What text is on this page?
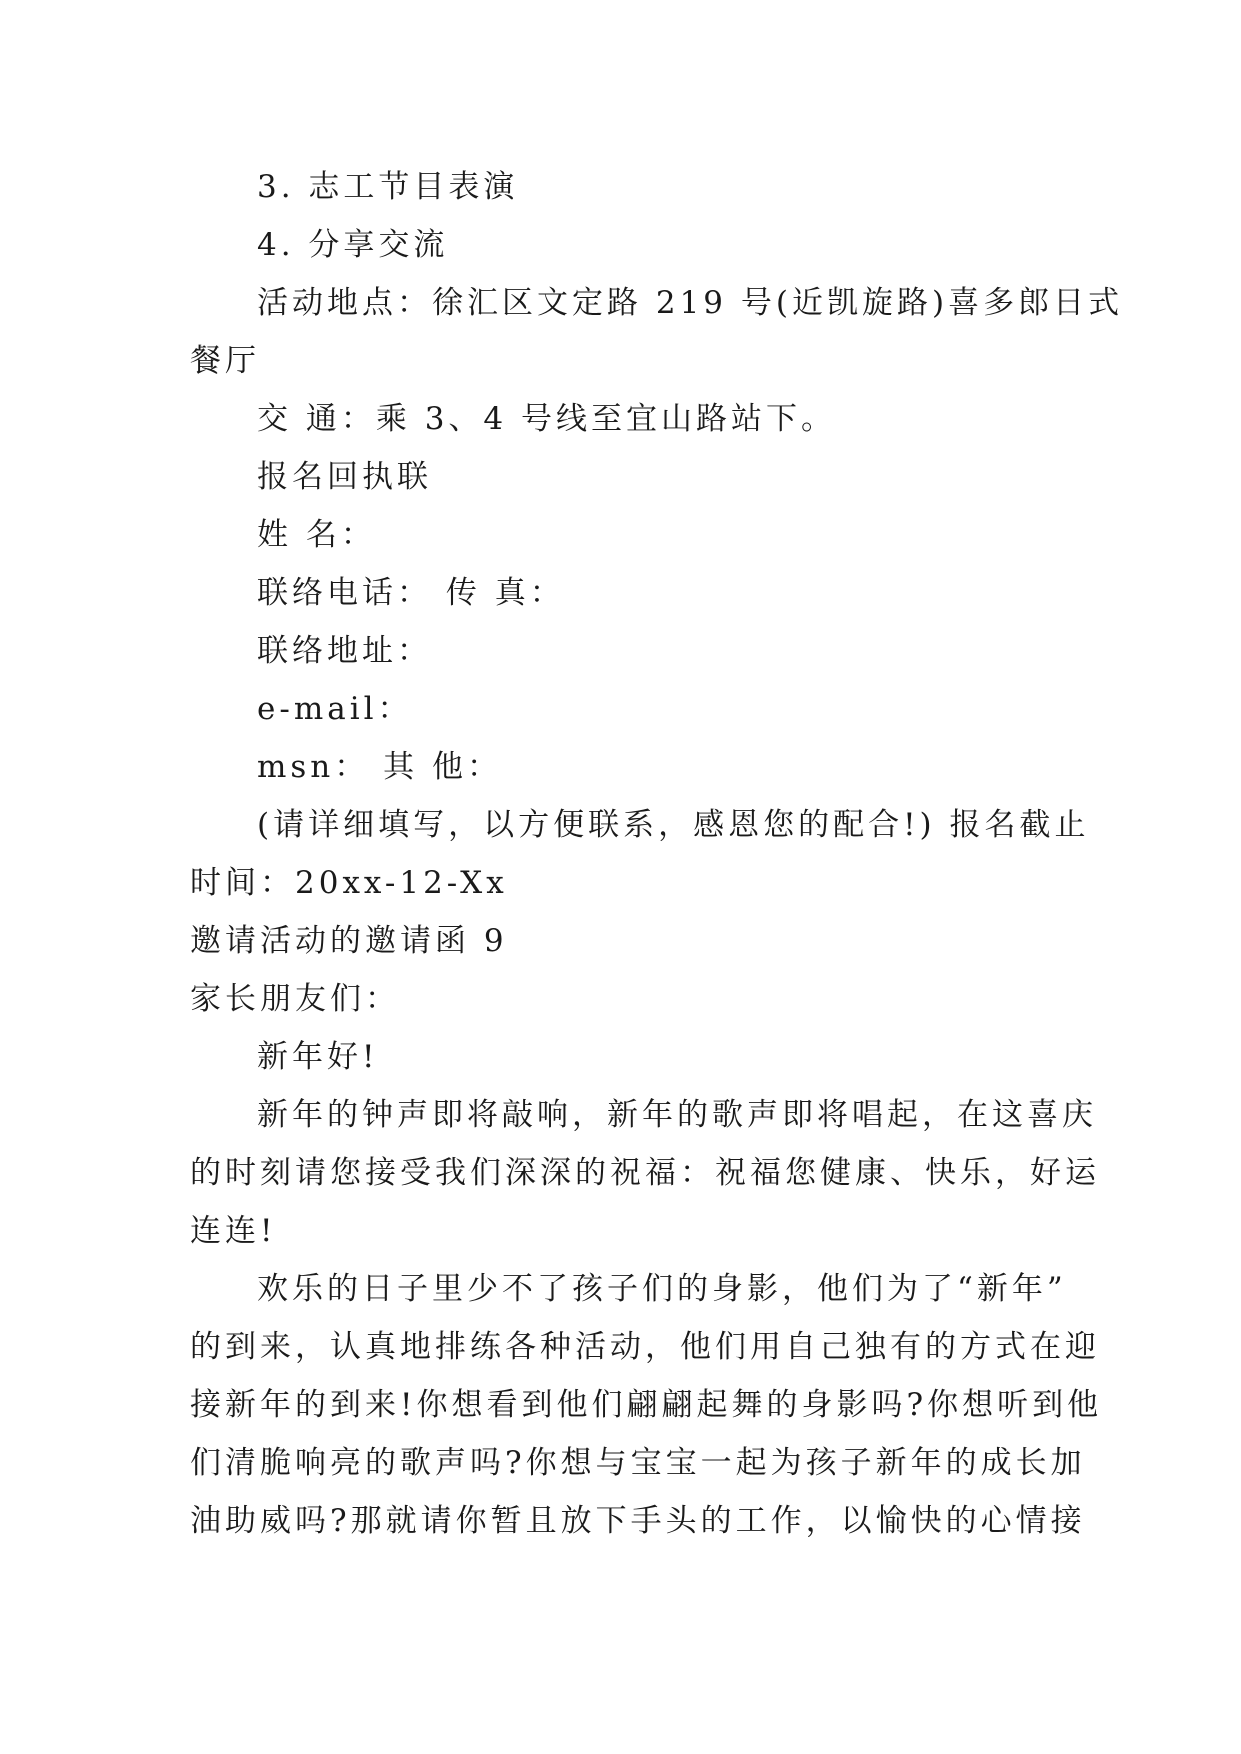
3. 志工节目表演
4. 分享交流
活动地点：徐汇区文定路 219 号(近凯旋路)喜多郎日式
餐厅
交 通：乘 3、4 号线至宜山路站下。
报名回执联
姓 名：
联络电话： 传 真：
联络地址：
e-mail：
msn： 其 他：
(请详细填写，以方便联系，感恩您的配合!) 报名截止
时间：20xx-12-Xx
邀请活动的邀请函 9
家长朋友们：
新年好!
新年的钟声即将敲响，新年的歌声即将唱起，在这喜庆
的时刻请您接受我们深深的祝福：祝福您健康、快乐，好运
连连!
欢乐的日子里少不了孩子们的身影，他们为了“新年”
的到来，认真地排练各种活动，他们用自己独有的方式在迎
接新年的到来!你想看到他们翩翩起舞的身影吗?你想听到他
们清脆响亮的歌声吗?你想与宝宝一起为孩子新年的成长加
油助威吗?那就请你暂且放下手头的工作，以愉快的心情接
